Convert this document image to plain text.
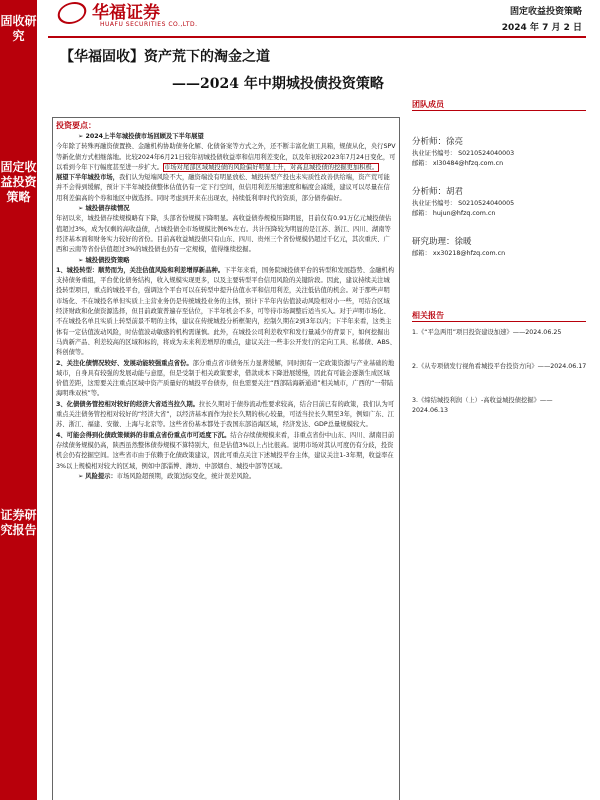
固收研究
固定收益投资策略
证券研究报告
华福证券
HUAFU SECURITIES CO.,LTD.
固定收益投资策略
2024 年 7 月 2 日
【华福固收】资产荒下的淘金之道
——2024 年中期城投债投资策略
团队成员
分析师：徐亮
执业证书编号： S0210524040003
邮箱： xl30484@hfzq.com.cn
分析师：胡君
执业证书编号： S0210524040005
邮箱： hujun@hfzq.com.cn
研究助理：徐暖
邮箱： xx30218@hfzq.com.cn
相关报告
1.《“平急两用”项目投资建设加速》——2024.06.25
2.《从专项债发行视角看城投平台投资方向》——2024.06.17
3.《缔结城投利润（上）-高收益城投债挖掘》——2024.06.13

投资要点：

➢ 2024上半年城投债市场回顾及下半年展望

今年除了转殊再融资债置换、金融机构协助债务化解、化债备案等方式之外，还不断丰富化债工具箱，规债从化，央行SPV等新化债方式相继落地。比较2024年6月21日较年初城投债收益率和信用利差变化，以及年初较2023年7月24日变化，可以看到今年下行幅度甚至进一步扩大。市场对尾部区域城投债的风险偏好明显上升，对高息城投债的挖掘更加积极。

展望下半年城投市场，我们认为短端风险不大，融资端没有明显放松、城投转型产投也未实质性改善供给端，资产荒可能并不会得到缓解，预计下半年城投债整体估值仍有一定下行空间，但信用利差压缩速度和幅度会减缓，建议可以尽量在信用利差偏高的个券和地区中做选择。同时考虑到开来在出现农，持续低利率时代的资质，部分债券偏好。

➢ 城投债存续情况

年初以来，城投债存续规模略有下降，头部省份规模下降明显。高收益债券规模压降明显，目前仅有0.91万亿元城投债估值超过3%，成为仅剩的高收益债，占城投债全市场规模比例6%左右。共计压降较为明显的是江苏、浙江、四川、湖南等经济基本面和财务实力较好的省份。目前高收益城投债只有山东、四川、贵州三个省份规模仍超过千亿元，其次重庆、广西和云南等省份估值超过3%的城投债也仍有一定规模，值得继续挖掘。

➢ 城投债投资策略

1、城投转型：顺势而为，关注估值风险和利差增厚新品种。下半年来看，国务院城投债平台的转型和发展趋势、金融机构支持债务重组，平台优化债务结构，收入规模实现更多，以及主要转型平台信用风险的关键阶段。因此，建议持续关注城投转型项目，重点的城投平台，强调这个平台可以在转型中提升估值水平和信用利差，关注低估值的机会。对于那些声明市场化、不在城投名单但实质上主营业务仍是传统城投业务的主体，预计下半年内估值波动风险相对小一些，可结合区域经济财政和化债资源选择，但目前政策普遍存至估位，下半年机会不多，可等待市场调整后适当买入。对于声明市场化、不在城投名单且实质上转型前景不明的主体，建议在传统城投分析框架内，控制久期在2到3年以内；下半年来看，这类主体有一定估值波动风险，时估值波动敏感的机构需谨慎。此外，在城投公司利差收窄和发行量减少的背景下，如何挖掘出马尚新产品、利差较高的区域和标的，将成为未来利差增厚的重点，建议关注一些非公开发行的定向工具、私募债、ABS、科创债等。

2、关注化债情况较好、发展动能较强重点省份。部分重点省市债务压力显著缓解，同时拥有一定政策资源与产业基础的地域市，自身具有较强的发展动能与意愿，但是受制于相关政策要求，借款成本下降进展缓慢，因此有可能会逐渐生成区域价值差距，这需要关注重点区域中资产质量好的城投平台债券，但也需要关注“西部陆海新通道”相关城市，广西的“一带陆海明珠双核”等。

3、化债债务管控相对较好的经济大省适当拉久期。拉长久期对于债券流动性要求较高，结合目前已有的政策，我们认为可重点关注债务管控相对较好的“经济大省”，以经济基本面作为拉长久期的核心较量，可适当拉长久期至3年，例如广东、江苏、浙江、福建、安徽、上海与北京等。这些省份基本都处于我国东部沿海区域，经济发达、GDP总量规模较大。

4、可能会得到化债政策倾斜的非重点省份重点市可适度下沉。结合存续债规模来看，非重点省份中山东、四川、湖南目前存续债务规模仍高，陕西虽然整体债券规模不算特别大，但是估值3%以上占比很高。说明市场对其认可度仍有分歧，投资机会仍有挖掘空间。这些省市由于依赖于化债政策建议，因此可重点关注下述城投平台主体，建议关注1-3年期，收益率在3%以上规模相对较大的区域，例如中部淄博、潍坊、中部烟台、城投中部等区域。

➢ 风险提示：市场风险超预期，政策边际变化，统计误差风险。
